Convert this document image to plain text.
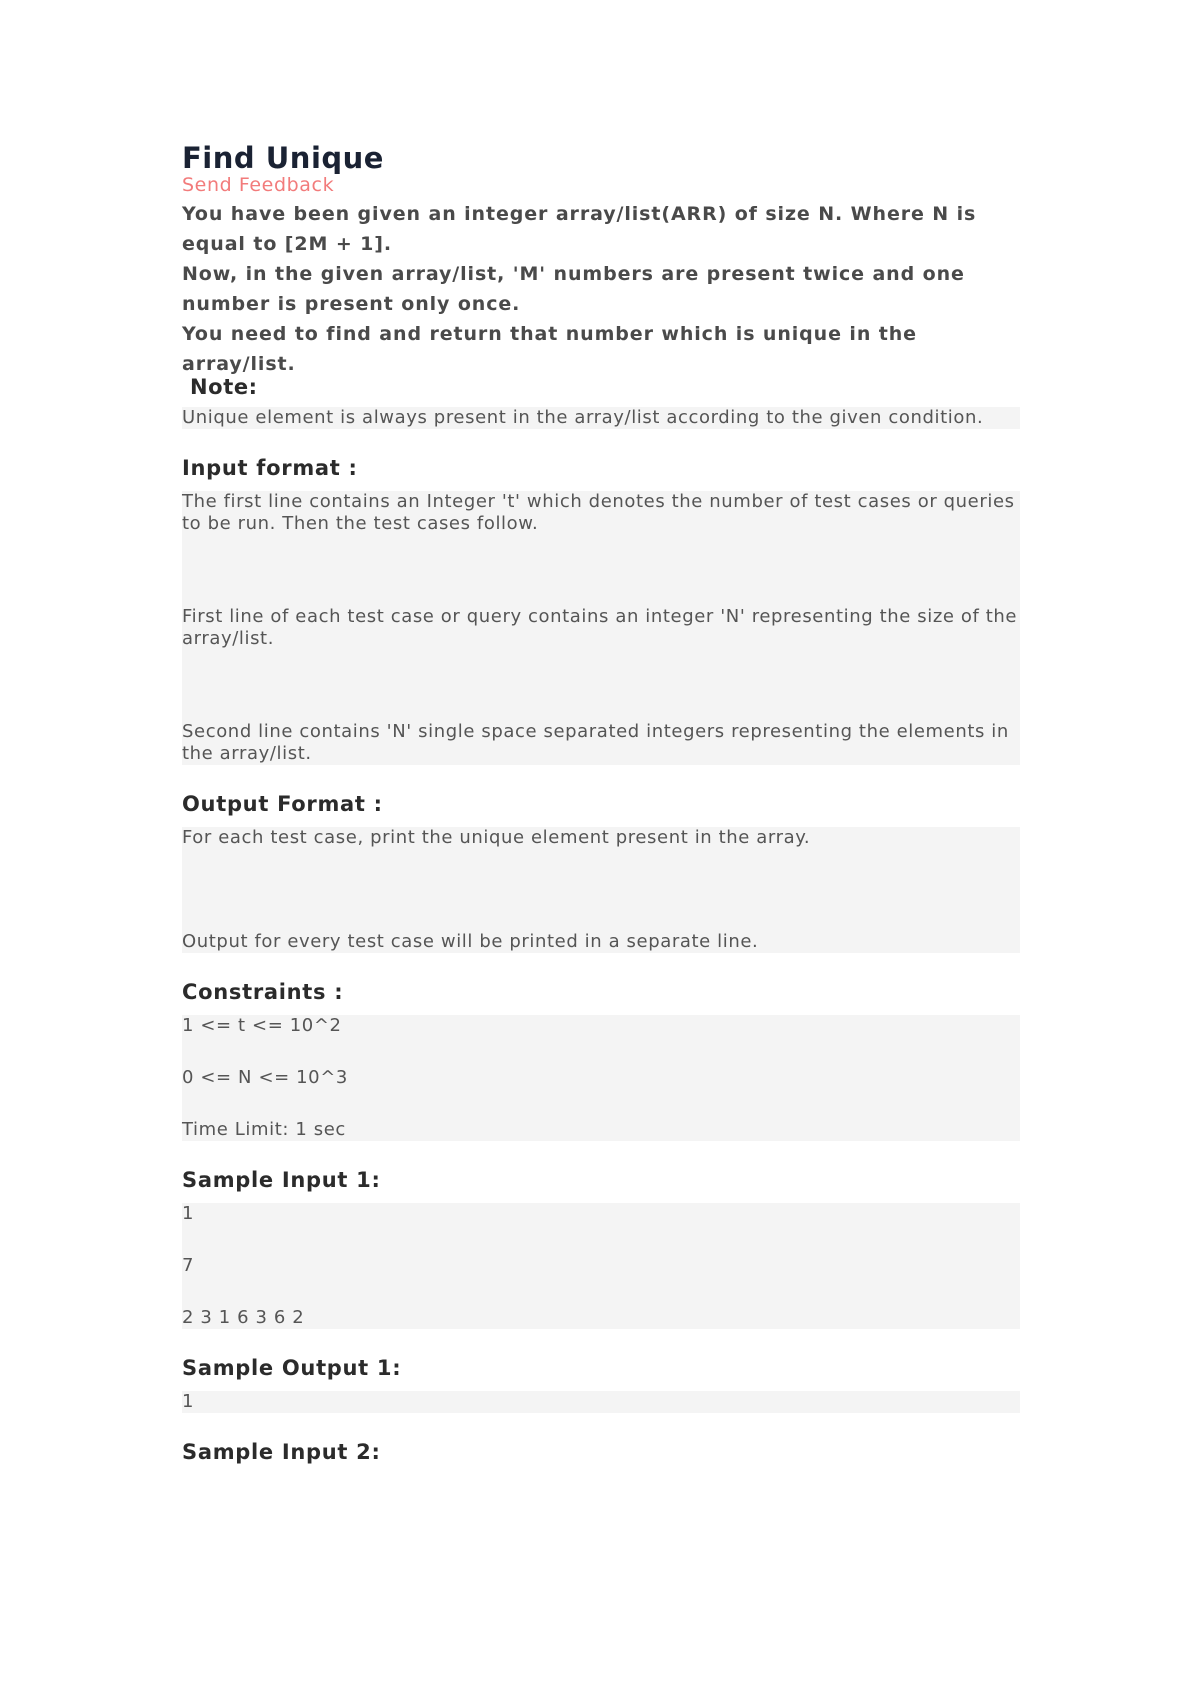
Find Unique
Send Feedback

You have been given an integer array/list(ARR) of size N. Where N is equal to [2M + 1].

Now, in the given array/list, 'M' numbers are present twice and one number is present only once.

You need to find and return that number which is unique in the array/list.

Note:

Unique element is always present in the array/list according to the given condition.

Input format :

The first line contains an Integer 't' which denotes the number of test cases or queries to be run. Then the test cases follow.

First line of each test case or query contains an integer 'N' representing the size of the array/list.

Second line contains 'N' single space separated integers representing the elements in the array/list.

Output Format :

For each test case, print the unique element present in the array.

Output for every test case will be printed in a separate line.

Constraints :

1 <= t <= 10^2

0 <= N <= 10^3

Time Limit: 1 sec

Sample Input 1:

1

7

2 3 1 6 3 6 2

Sample Output 1:

1

Sample Input 2:
